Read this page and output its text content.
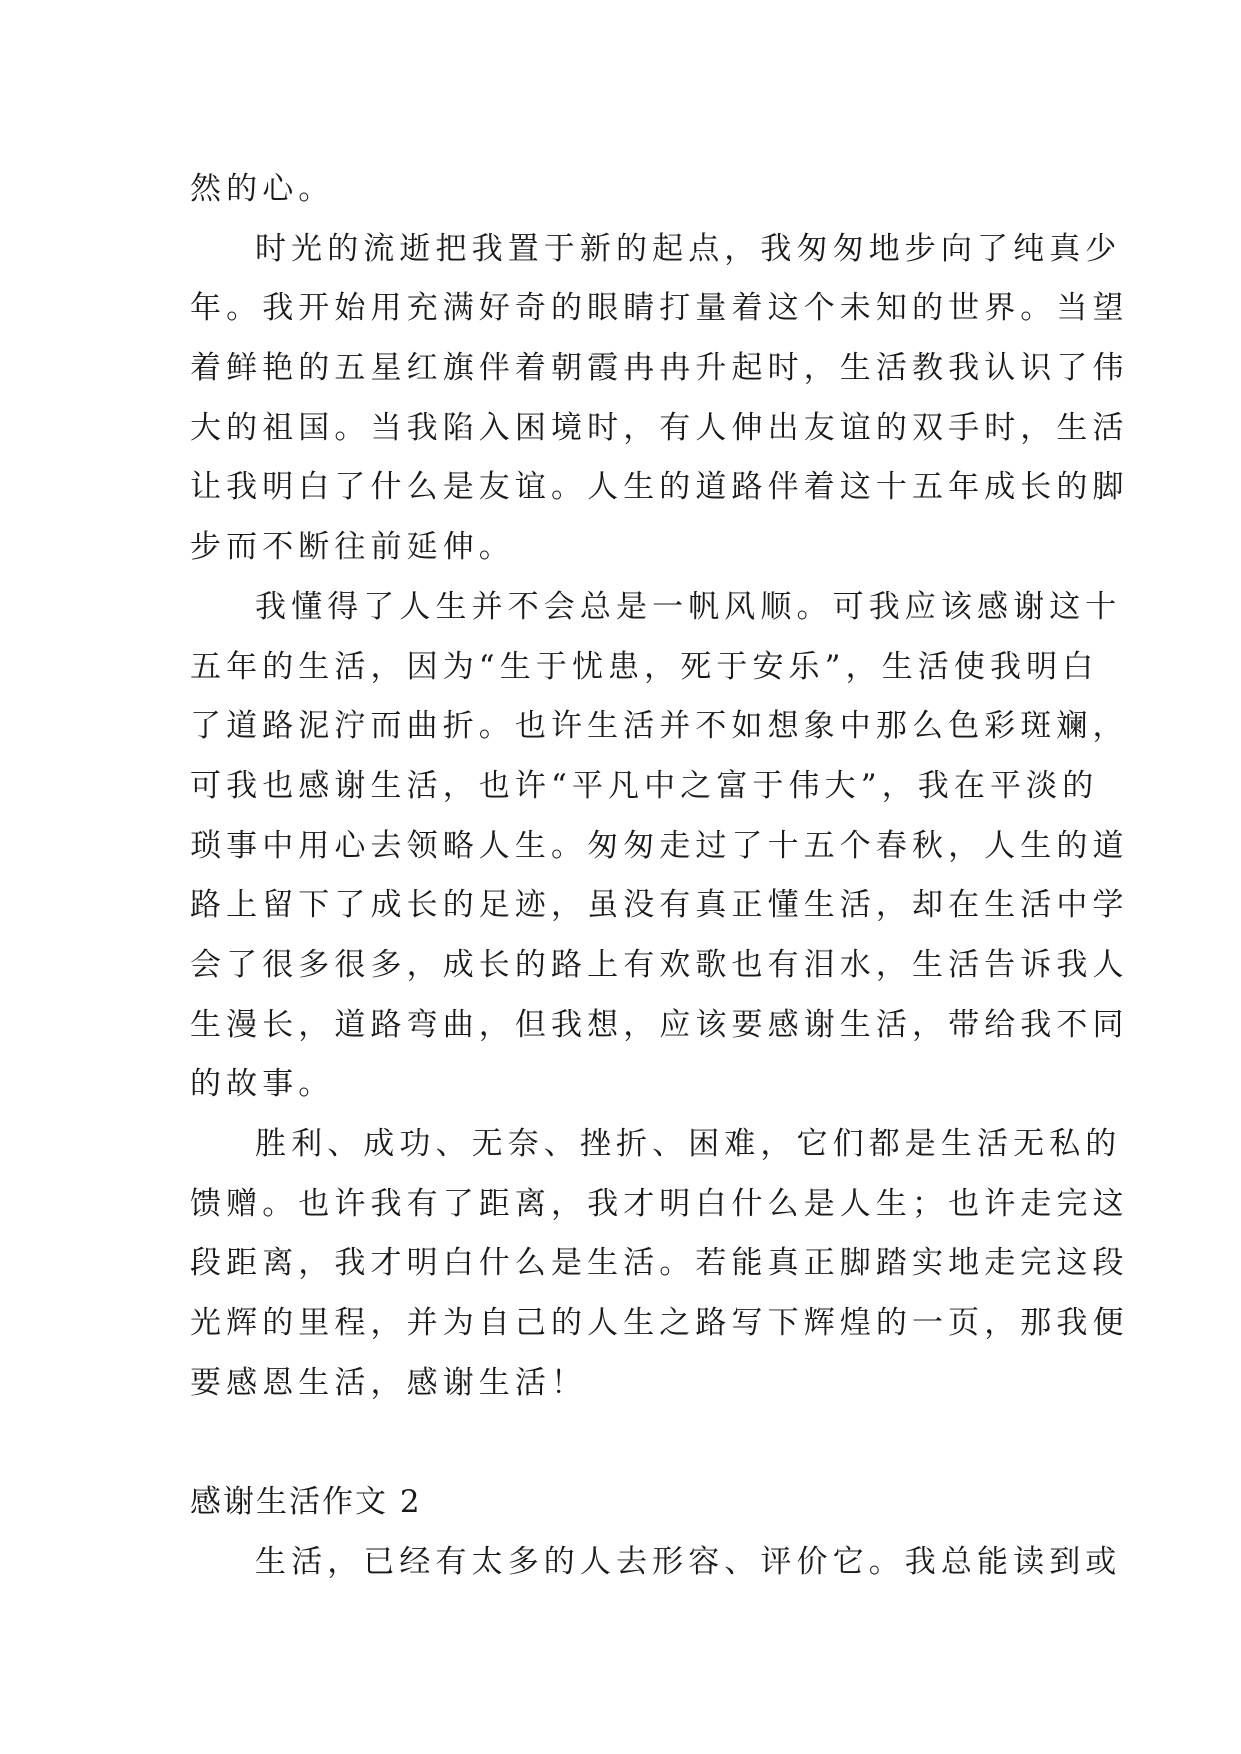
然的心。
时光的流逝把我置于新的起点，我匆匆地步向了纯真少
年。我开始用充满好奇的眼睛打量着这个未知的世界。当望
着鲜艳的五星红旗伴着朝霞冉冉升起时，生活教我认识了伟
大的祖国。当我陷入困境时，有人伸出友谊的双手时，生活
让我明白了什么是友谊。人生的道路伴着这十五年成长的脚
步而不断往前延伸。
我懂得了人生并不会总是一帆风顺。可我应该感谢这十
五年的生活，因为“生于忧患，死于安乐”，生活使我明白
了道路泥泞而曲折。也许生活并不如想象中那么色彩斑斓，
可我也感谢生活，也许“平凡中之富于伟大”，我在平淡的
琐事中用心去领略人生。匆匆走过了十五个春秋，人生的道
路上留下了成长的足迹，虽没有真正懂生活，却在生活中学
会了很多很多，成长的路上有欢歌也有泪水，生活告诉我人
生漫长，道路弯曲，但我想，应该要感谢生活，带给我不同
的故事。
胜利、成功、无奈、挫折、困难，它们都是生活无私的
馈赠。也许我有了距离，我才明白什么是人生；也许走完这
段距离，我才明白什么是生活。若能真正脚踏实地走完这段
光辉的里程，并为自己的人生之路写下辉煌的一页，那我便
要感恩生活，感谢生活！
感谢生活作文 2
生活，已经有太多的人去形容、评价它。我总能读到或
